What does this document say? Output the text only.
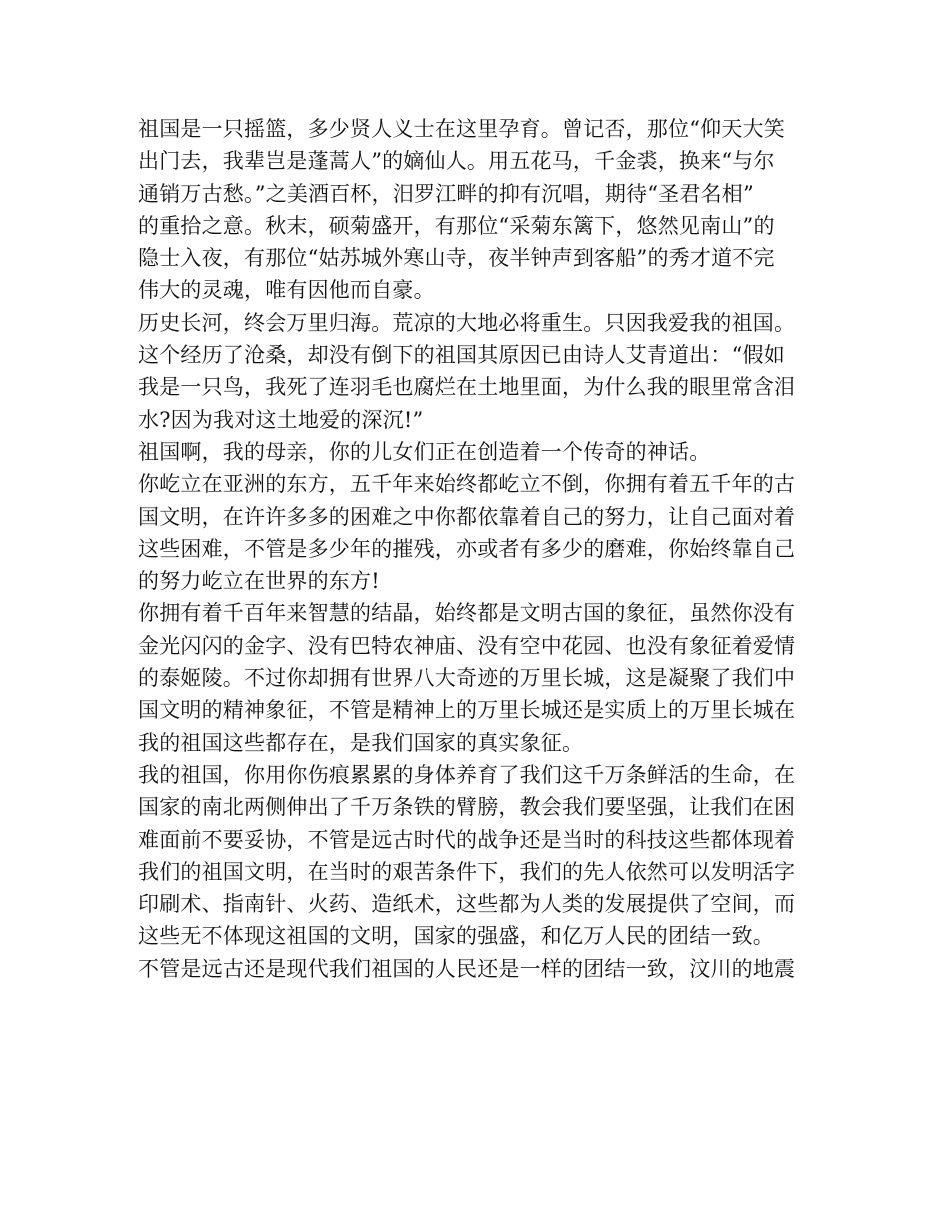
祖国是一只摇篮，多少贤人义士在这里孕育。曾记否，那位“仰天大笑
出门去，我辈岂是蓬蒿人”的嫡仙人。用五花马，千金裘，换来“与尔
通销万古愁。”之美酒百杯，汨罗江畔的抑有沉唱，期待“圣君名相”
的重拾之意。秋末，硕菊盛开，有那位“采菊东篱下，悠然见南山”的
隐士入夜，有那位“姑苏城外寒山寺，夜半钟声到客船”的秀才道不完
伟大的灵魂，唯有因他而自豪。
历史长河，终会万里归海。荒凉的大地必将重生。只因我爱我的祖国。
这个经历了沧桑，却没有倒下的祖国其原因已由诗人艾青道出：“假如
我是一只鸟，我死了连羽毛也腐烂在土地里面，为什么我的眼里常含泪
水?因为我对这土地爱的深沉!”
祖国啊，我的母亲，你的儿女们正在创造着一个传奇的神话。
你屹立在亚洲的东方，五千年来始终都屹立不倒，你拥有着五千年的古
国文明，在许许多多的困难之中你都依靠着自己的努力，让自己面对着
这些困难，不管是多少年的摧残，亦或者有多少的磨难，你始终靠自己
的努力屹立在世界的东方!
你拥有着千百年来智慧的结晶，始终都是文明古国的象征，虽然你没有
金光闪闪的金字、没有巴特农神庙、没有空中花园、也没有象征着爱情
的泰姬陵。不过你却拥有世界八大奇迹的万里长城，这是凝聚了我们中
国文明的精神象征，不管是精神上的万里长城还是实质上的万里长城在
我的祖国这些都存在，是我们国家的真实象征。
我的祖国，你用你伤痕累累的身体养育了我们这千万条鲜活的生命，在
国家的南北两侧伸出了千万条铁的臂膀，教会我们要坚强，让我们在困
难面前不要妥协，不管是远古时代的战争还是当时的科技这些都体现着
我们的祖国文明，在当时的艰苦条件下，我们的先人依然可以发明活字
印刷术、指南针、火药、造纸术，这些都为人类的发展提供了空间，而
这些无不体现这祖国的文明，国家的强盛，和亿万人民的团结一致。
不管是远古还是现代我们祖国的人民还是一样的团结一致，汶川的地震
